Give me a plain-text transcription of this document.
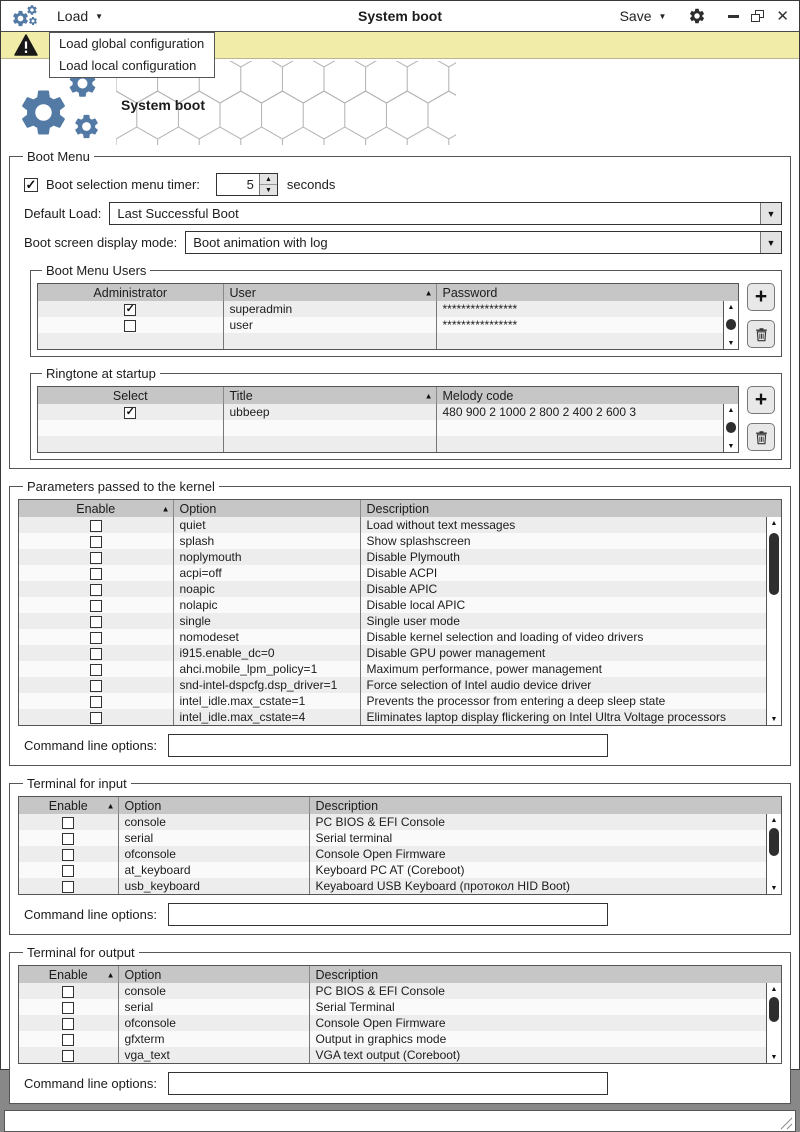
Load ▼	System boot	Save ▼	✕
Load global configuration
Load local configuration
System boot
Boot Menu
✓ Boot selection menu timer:	5	▲
▼	seconds
Default Load:	Last Successful Boot	▼
Boot screen display mode:	Boot animation with log	▼
Boot Menu Users
Administrator	User ▲	Password
✓	superadmin	****************
	user	****************

▲
▼
+
Ringtone at startup
Select	Title ▲	Melody code
✓	ubbeep	480 900 2 1000 2 800 2 400 2 600 3

			▲
▼
+
Parameters passed to the kernel
Enable ▲	Option	Description
	quiet	Load without text messages
	splash	Show splashscreen
	noplymouth	Disable Plymouth
	acpi=off	Disable ACPI
	noapic	Disable APIC
	nolapic	Disable local APIC
	single	Single user mode
	nomodeset	Disable kernel selection and loading of video drivers
	i915.enable_dc=0	Disable GPU power management
	ahci.mobile_lpm_policy=1	Maximum performance, power management
	snd-intel-dspcfg.dsp_driver=1	Force selection of Intel audio device driver
	intel_idle.max_cstate=1	Prevents the processor from entering a deep sleep state
	intel_idle.max_cstate=4	Eliminates laptop display flickering on Intel Ultra Voltage processors
▲
▼
Command line options:
Terminal for input
Enable ▲	Option	Description
	console	PC BIOS & EFI Console
	serial	Serial terminal
	ofconsole	Console Open Firmware
	at_keyboard	Keyboard PC AT (Coreboot)
	usb_keyboard	Keyaboard USB Keyboard (протокол HID Boot)
▲
▼
Command line options:
Terminal for output
Enable ▲	Option	Description
	console	PC BIOS & EFI Console
	serial	Serial Terminal
	ofconsole	Console Open Firmware
	gfxterm	Output in graphics mode
	vga_text	VGA text output (Coreboot)
▲
▼
Command line options:
